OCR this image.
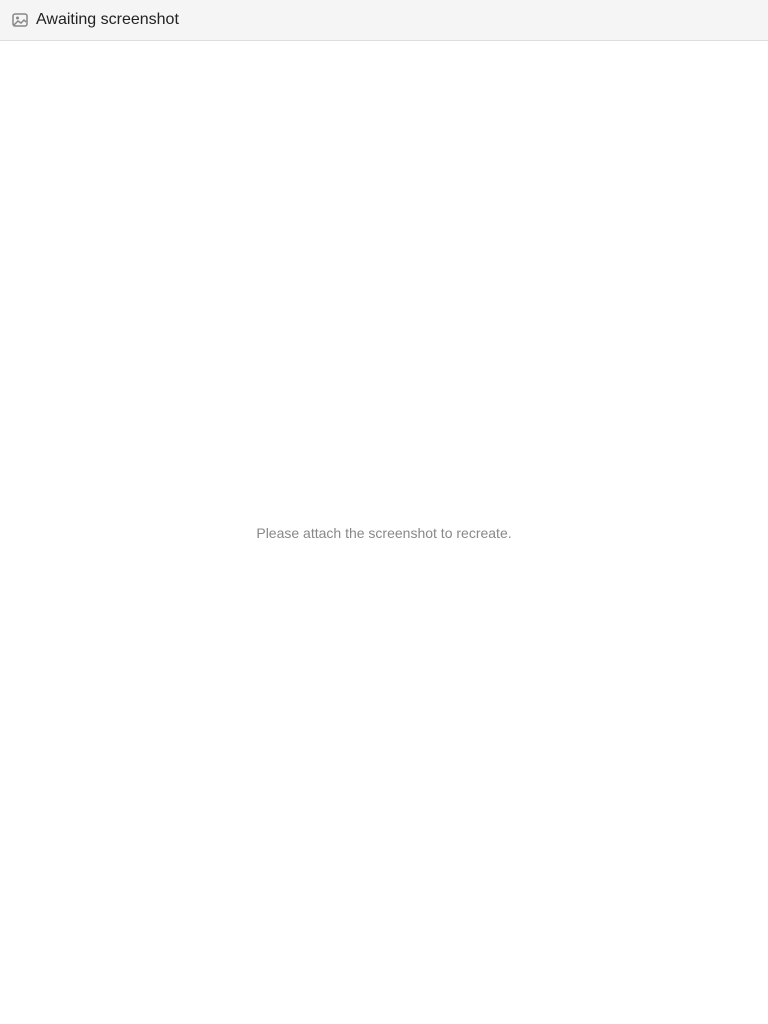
Awaiting screenshot
Please attach the screenshot to recreate.
